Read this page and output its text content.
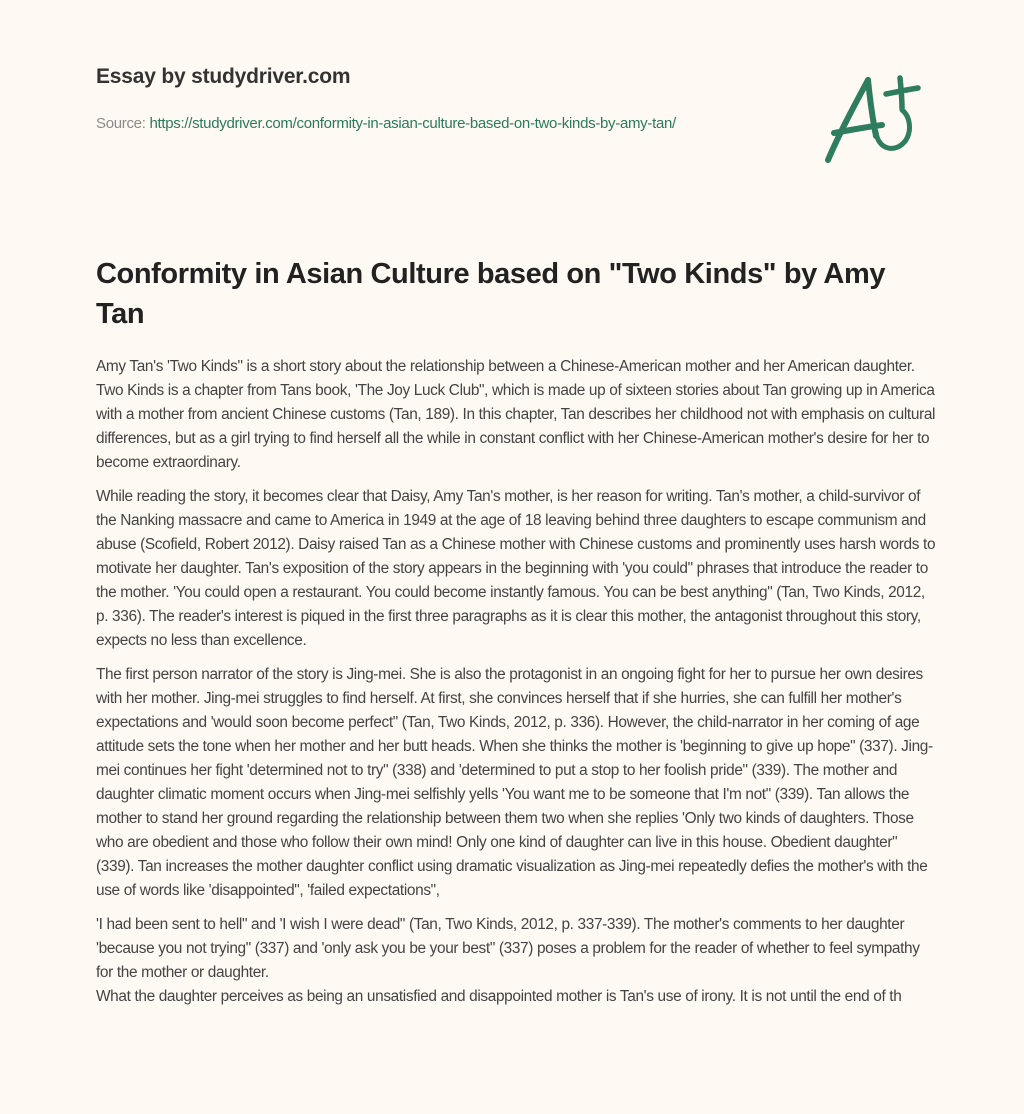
Essay by studydriver.com
Source: https://studydriver.com/conformity-in-asian-culture-based-on-two-kinds-by-amy-tan/
Conformity in Asian Culture based on "Two Kinds" by Amy Tan

Amy Tan's 'Two Kinds" is a short story about the relationship between a Chinese-American mother and her American daughter. Two Kinds is a chapter from Tans book, 'The Joy Luck Club", which is made up of sixteen stories about Tan growing up in America with a mother from ancient Chinese customs (Tan, 189). In this chapter, Tan describes her childhood not with emphasis on cultural differences, but as a girl trying to find herself all the while in constant conflict with her Chinese-American mother's desire for her to become extraordinary.

While reading the story, it becomes clear that Daisy, Amy Tan's mother, is her reason for writing. Tan's mother, a child-survivor of the Nanking massacre and came to America in 1949 at the age of 18 leaving behind three daughters to escape communism and abuse (Scofield, Robert 2012). Daisy raised Tan as a Chinese mother with Chinese customs and prominently uses harsh words to motivate her daughter. Tan's exposition of the story appears in the beginning with 'you could" phrases that introduce the reader to the mother. 'You could open a restaurant. You could become instantly famous. You can be best anything" (Tan, Two Kinds, 2012, p. 336). The reader's interest is piqued in the first three paragraphs as it is clear this mother, the antagonist throughout this story, expects no less than excellence.

The first person narrator of the story is Jing-mei. She is also the protagonist in an ongoing fight for her to pursue her own desires with her mother. Jing-mei struggles to find herself. At first, she convinces herself that if she hurries, she can fulfill her mother's expectations and 'would soon become perfect" (Tan, Two Kinds, 2012, p. 336). However, the child-narrator in her coming of age attitude sets the tone when her mother and her butt heads. When she thinks the mother is 'beginning to give up hope" (337). Jing-mei continues her fight 'determined not to try" (338) and 'determined to put a stop to her foolish pride" (339). The mother and daughter climatic moment occurs when Jing-mei selfishly yells 'You want me to be someone that I'm not" (339). Tan allows the mother to stand her ground regarding the relationship between them two when she replies 'Only two kinds of daughters. Those who are obedient and those who follow their own mind! Only one kind of daughter can live in this house. Obedient daughter" (339). Tan increases the mother daughter conflict using dramatic visualization as Jing-mei repeatedly defies the mother's with the use of words like 'disappointed", 'failed expectations",

'I had been sent to hell" and 'I wish I were dead" (Tan, Two Kinds, 2012, p. 337-339). The mother's comments to her daughter 'because you not trying" (337) and 'only ask you be your best" (337) poses a problem for the reader of whether to feel sympathy for the mother or daughter.

What the daughter perceives as being an unsatisfied and disappointed mother is Tan's use of irony. It is not until the end of th
